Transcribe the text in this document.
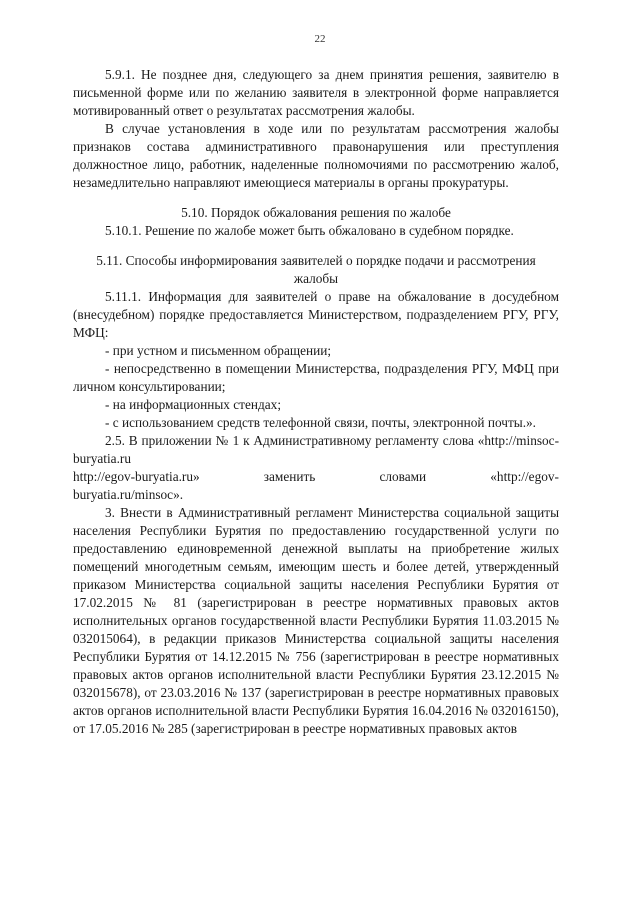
22

5.9.1. Не позднее дня, следующего за днем принятия решения, заявителю в письменной форме или по желанию заявителя в электронной форме направляется мотивированный ответ о результатах рассмотрения жалобы.

В случае установления в ходе или по результатам рассмотрения жалобы признаков состава административного правонарушения или преступления должностное лицо, работник, наделенные полномочиями по рассмотрению жалоб, незамедлительно направляют имеющиеся материалы в органы прокуратуры.

5.10. Порядок обжалования решения по жалобе

5.10.1. Решение по жалобе может быть обжаловано в судебном порядке.

5.11. Способы информирования заявителей о порядке подачи и рассмотрения жалобы

5.11.1. Информация для заявителей о праве на обжалование в досудебном (внесудебном) порядке предоставляется Министерством, подразделением РГУ, РГУ, МФЦ:

- при устном и письменном обращении;

- непосредственно в помещении Министерства, подразделения РГУ, МФЦ при личном консультировании;

- на информационных стендах;

- с использованием средств телефонной связи, почты, электронной почты.».

2.5. В приложении № 1 к Административному регламенту слова «http://minsoc-buryatia.ru

http://egov-buryatia.ru»	заменить	словами	«http://egov-

buryatia.ru/minsoc».

3. Внести в Административный регламент Министерства социальной защиты населения Республики Бурятия по предоставлению государственной услуги по предоставлению единовременной денежной выплаты на приобретение жилых помещений многодетным семьям, имеющим шесть и более детей, утвержденный приказом Министерства социальной защиты населения Республики Бурятия от 17.02.2015 № 81 (зарегистрирован в реестре нормативных правовых актов исполнительных органов государственной власти Республики Бурятия 11.03.2015 № 032015064), в редакции приказов Министерства социальной защиты населения Республики Бурятия от 14.12.2015 № 756 (зарегистрирован в реестре нормативных правовых актов органов исполнительной власти Республики Бурятия 23.12.2015 № 032015678), от 23.03.2016 № 137 (зарегистрирован в реестре нормативных правовых актов органов исполнительной власти Республики Бурятия 16.04.2016 № 032016150), от 17.05.2016 № 285 (зарегистрирован в реестре нормативных правовых актов
